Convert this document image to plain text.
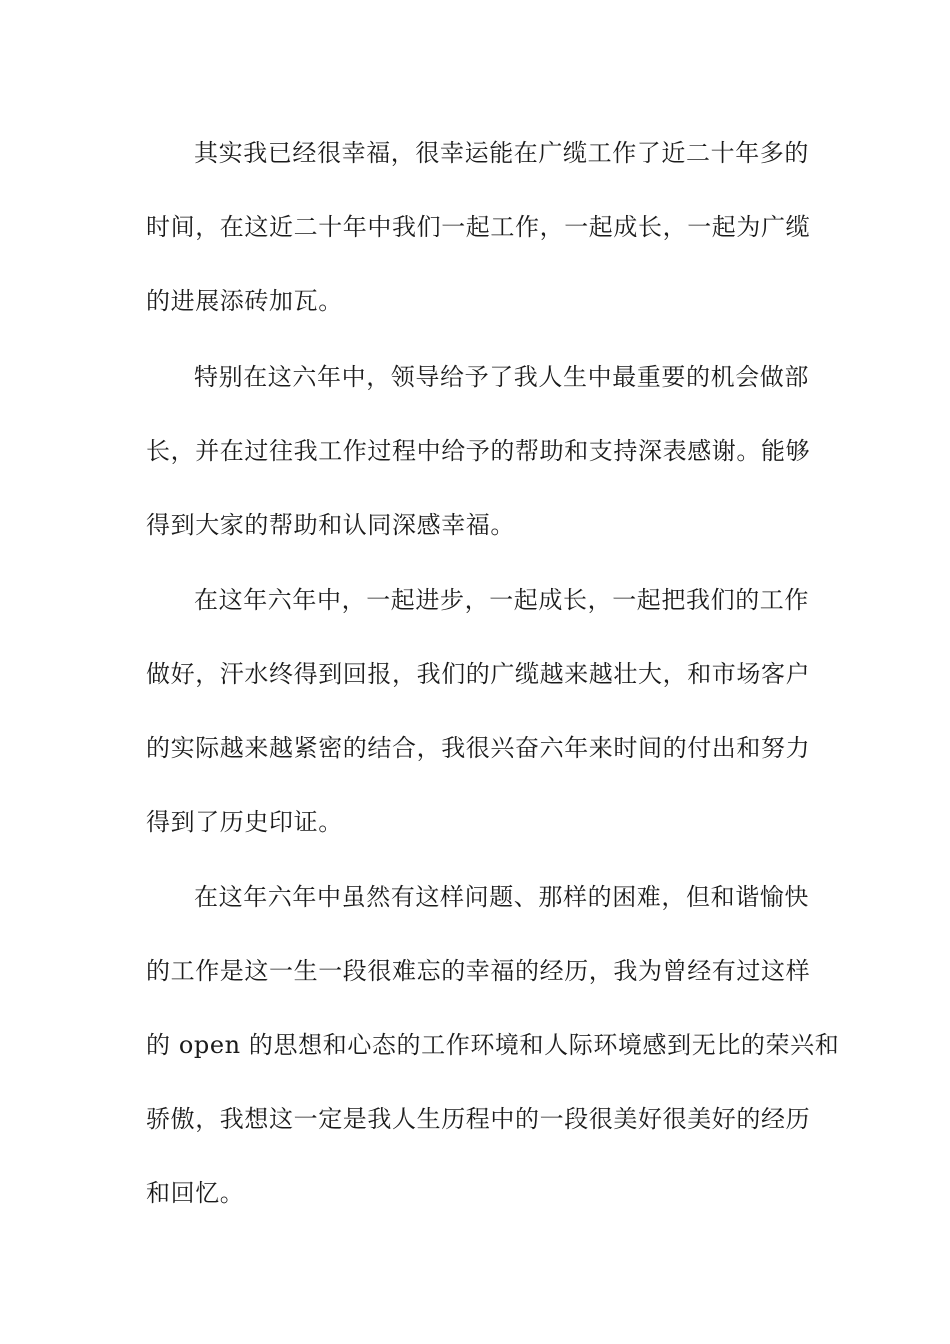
其实我已经很幸福，很幸运能在广缆工作了近二十年多的
时间，在这近二十年中我们一起工作，一起成长，一起为广缆
的进展添砖加瓦。
特别在这六年中，领导给予了我人生中最重要的机会做部
长，并在过往我工作过程中给予的帮助和支持深表感谢。能够
得到大家的帮助和认同深感幸福。
在这年六年中，一起进步，一起成长，一起把我们的工作
做好，汗水终得到回报，我们的广缆越来越壮大，和市场客户
的实际越来越紧密的结合，我很兴奋六年来时间的付出和努力
得到了历史印证。
在这年六年中虽然有这样问题、那样的困难，但和谐愉快
的工作是这一生一段很难忘的幸福的经历，我为曾经有过这样
的 open 的思想和心态的工作环境和人际环境感到无比的荣兴和
骄傲，我想这一定是我人生历程中的一段很美好很美好的经历
和回忆。
